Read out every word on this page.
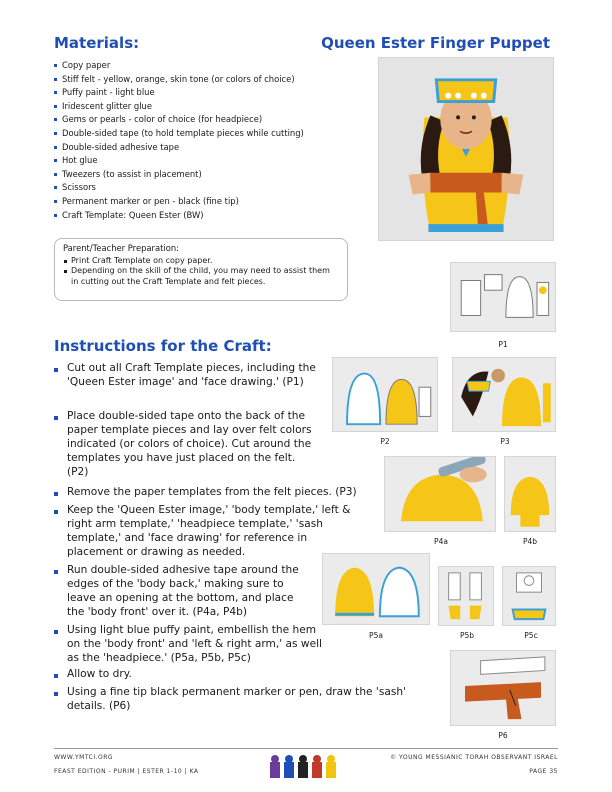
Materials:	Queen Ester Finger Puppet
Copy paper
Stiff felt - yellow, orange, skin tone (or colors of choice)
Puffy paint - light blue
Iridescent glitter glue
Gems or pearls - color of choice (for headpiece)
Double-sided tape (to hold template pieces while cutting)
Double-sided adhesive tape
Hot glue
Tweezers (to assist in placement)
Scissors
Permanent marker or pen - black (fine tip)
Craft Template: Queen Ester (BW)
Parent/Teacher Preparation:
Print Craft Template on copy paper.
Depending on the skill of the child, you may need to assist them in cutting out the Craft Template and felt pieces.
P1
Instructions for the Craft:
Cut out all Craft Template pieces, including the 'Queen Ester image' and 'face drawing.' (P1)
Place double-sided tape onto the back of the paper template pieces and lay over felt colors indicated (or colors of choice). Cut around the templates you have just placed on the felt. (P2)
Remove the paper templates from the felt pieces. (P3)
Keep the 'Queen Ester image,' 'body template,' left & right arm template,' 'headpiece template,' 'sash template,' and 'face drawing' for reference in placement or drawing as needed.
Run double-sided adhesive tape around the edges of the 'body back,' making sure to leave an opening at the bottom, and place the 'body front' over it. (P4a, P4b)
Using light blue puffy paint, embellish the hem on the 'body front' and 'left & right arm,' as well as the 'headpiece.' (P5a, P5b, P5c)
Allow to dry.
Using a fine tip black permanent marker or pen, draw the 'sash' details. (P6)
P2	P3
P4a	P4b
P5a	P5b	P5c
P6
WWW.YMTCI.ORG
FEAST EDITION - PURIM | ESTER 1-10 | KA
© YOUNG MESSIANIC TORAH OBSERVANT ISRAEL
PAGE 35
